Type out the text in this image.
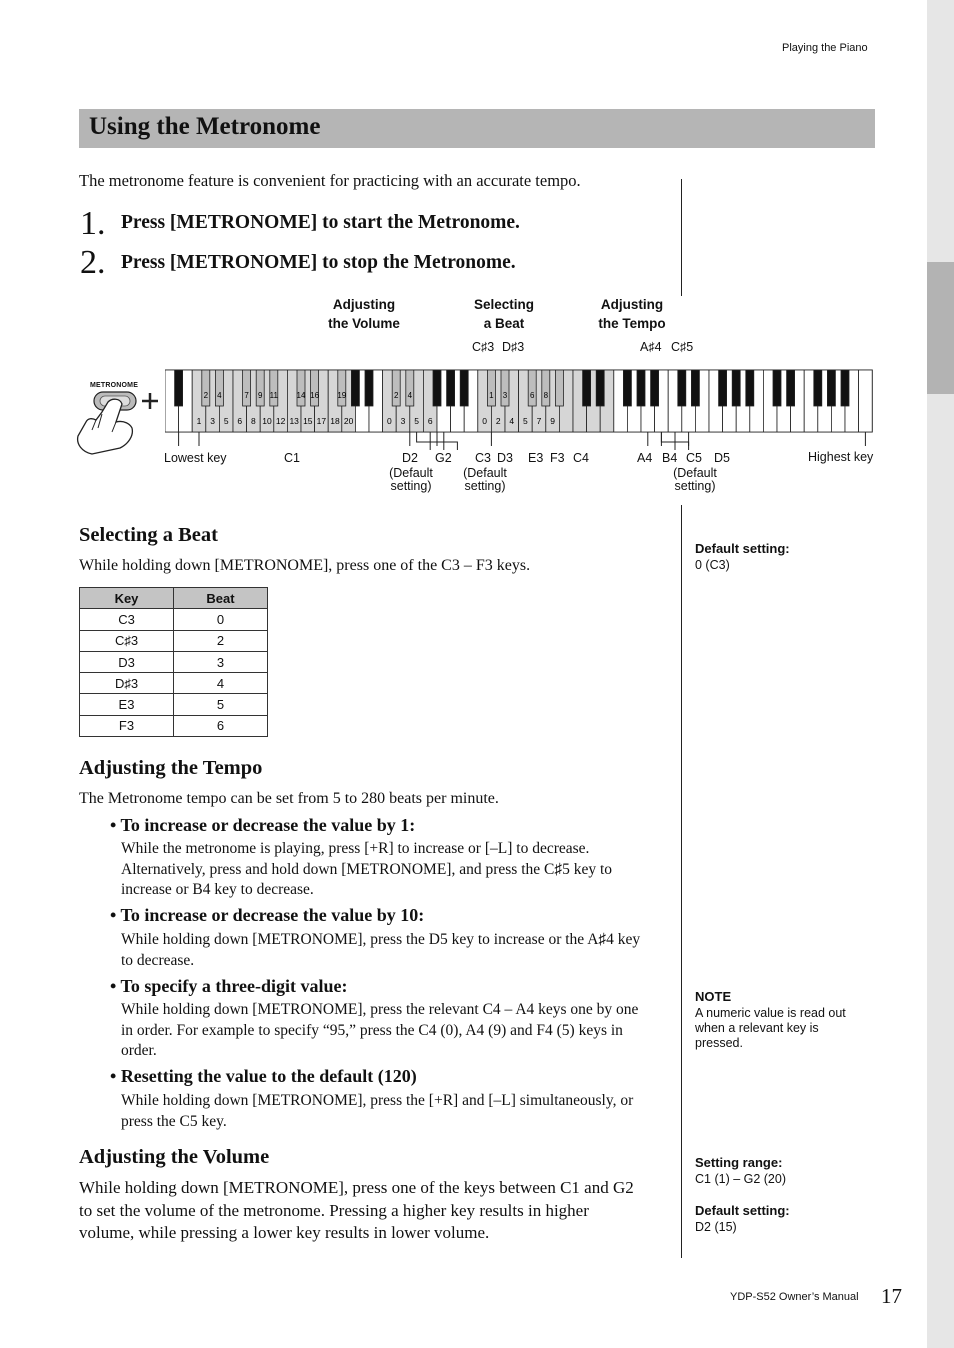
Playing the Piano
Using the Metronome
The metronome feature is convenient for practicing with an accurate tempo.
1. Press [METRONOME] to start the Metronome.
2. Press [METRONOME] to stop the Metronome.
Adjusting
the Volume
Selecting
a Beat
Adjusting
the Tempo
C♯3 D♯3	A♯4 C♯5
METRONOME
2 4	7 9 11 14 16 19	2 4	1 3	6 8
1 3 5 6 8 10 12 13 15 17 18 20	0 3 5 6	0 2 4 5 7 9
Lowest key	C1	D2 G2 C3 D3 E3 F3 C4	A4 B4 C5 D5	Highest key
(Default
setting)
(Default
setting)
(Default
setting)
Selecting a Beat
While holding down [METRONOME], press one of the C3 – F3 keys.
Key	Beat
C3	0
C♯3	2
D3	3
D♯3	4
E3	5
F3	6
Default setting:
0 (C3)
Adjusting the Tempo
The Metronome tempo can be set from 5 to 280 beats per minute.
• To increase or decrease the value by 1:
While the metronome is playing, press [+R] to increase or [–L] to decrease.
Alternatively, press and hold down [METRONOME], and press the C♯5 key to
increase or B4 key to decrease.
• To increase or decrease the value by 10:
While holding down [METRONOME], press the D5 key to increase or the A♯4 key
to decrease.
• To specify a three-digit value:
While holding down [METRONOME], press the relevant C4 – A4 keys one by one
in order. For example to specify “95,” press the C4 (0), A4 (9) and F4 (5) keys in
order.
• Resetting the value to the default (120)
While holding down [METRONOME], press the [+R] and [–L] simultaneously, or
press the C5 key.
NOTE
A numeric value is read out
when a relevant key is
pressed.
Adjusting the Volume
While holding down [METRONOME], press one of the keys between C1 and G2
to set the volume of the metronome. Pressing a higher key results in higher
volume, while pressing a lower key results in lower volume.
Setting range:
C1 (1) – G2 (20)
Default setting:
D2 (15)
YDP-S52 Owner’s Manual 17
